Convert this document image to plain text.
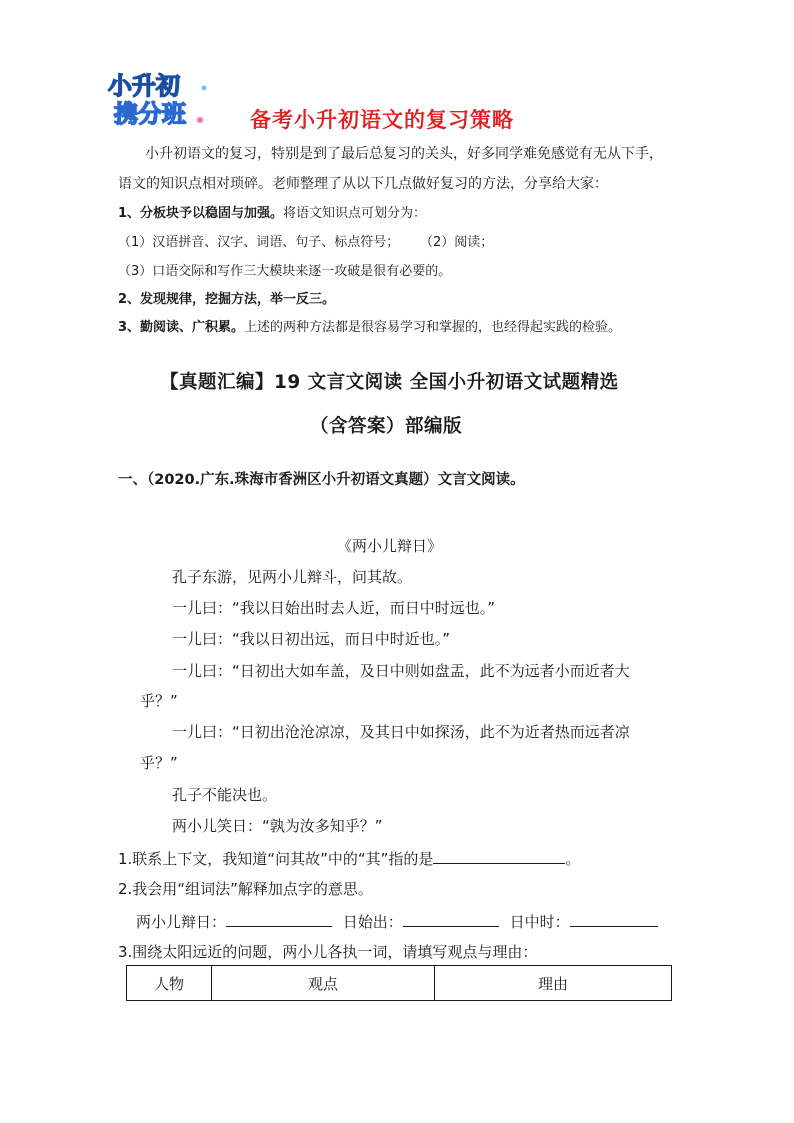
小升初
携分班	备考小升初语文的复习策略
小升初语文的复习，特别是到了最后总复习的关头，好多同学难免感觉有无从下手，
语文的知识点相对琐碎。老师整理了从以下几点做好复习的方法，分享给大家：
1、分板块予以稳固与加强。将语文知识点可划分为：
（1）汉语拼音、汉字、词语、句子、标点符号； （2）阅读；
（3）口语交际和写作三大模块来逐一攻破是很有必要的。
2、发现规律，挖掘方法，举一反三。
3、勤阅读、广积累。上述的两种方法都是很容易学习和掌握的，也经得起实践的检验。
【真题汇编】19 文言文阅读 全国小升初语文试题精选
（含答案）部编版
一、（2020.广东.珠海市香洲区小升初语文真题）文言文阅读。
《两小儿辩日》
孔子东游，见两小儿辩斗，问其故。
一儿曰：“我以日始出时去人近，而日中时远也。”
一儿曰：“我以日初出远，而日中时近也。”
一儿曰：“日初出大如车盖，及日中则如盘盂，此不为远者小而近者大
乎？”
一儿曰：“日初出沧沧凉凉，及其日中如探汤，此不为近者热而远者凉
乎？”
孔子不能决也。
两小儿笑日：“孰为汝多知乎？”
1.联系上下文，我知道“问其故”中的“其”指的是	。
2.我会用“组词法”解释加点字的意思。
两小儿辩日：	日始出：	日中时：
3.围绕太阳远近的问题，两小儿各执一词，请填写观点与理由：
人物	观点	理由
